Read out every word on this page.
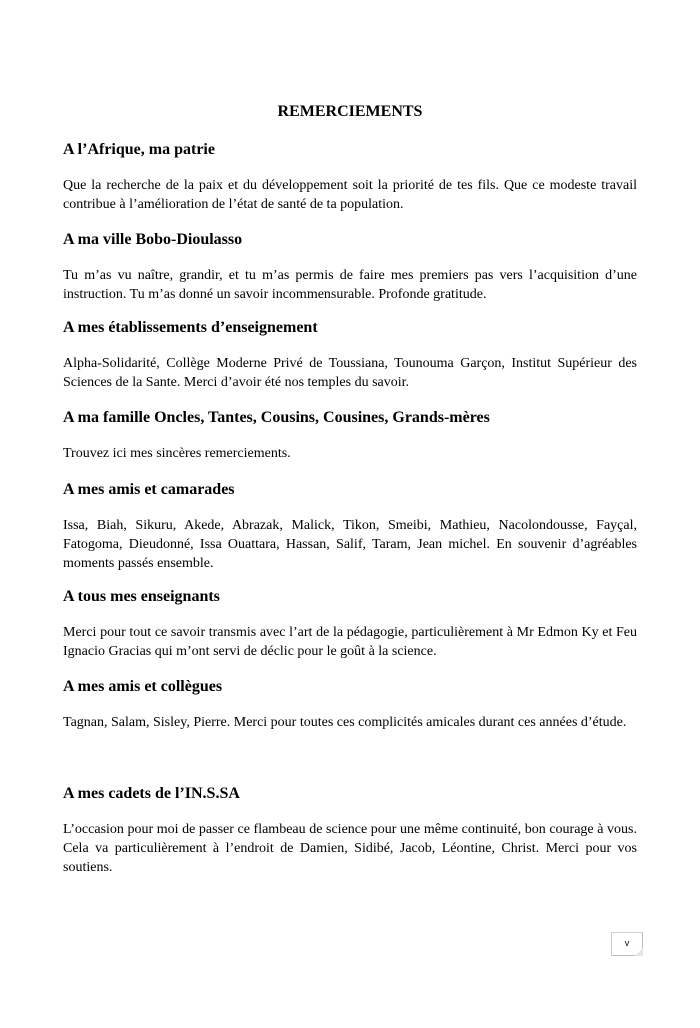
REMERCIEMENTS
A l’Afrique, ma patrie

Que la recherche de la paix et du développement soit la priorité de tes fils. Que ce modeste travail contribue à l’amélioration de l’état de santé de ta population.

A ma ville Bobo-Dioulasso

Tu m’as vu naître, grandir, et tu m’as permis de faire mes premiers pas vers l’acquisition d’une instruction. Tu m’as donné un savoir incommensurable. Profonde gratitude.

A mes établissements d’enseignement

Alpha-Solidarité, Collège Moderne Privé de Toussiana, Tounouma Garçon, Institut Supérieur des Sciences de la Sante. Merci d’avoir été nos temples du savoir.

A ma famille Oncles, Tantes, Cousins, Cousines, Grands-mères

Trouvez ici mes sincères remerciements.

A mes amis et camarades

Issa, Biah, Sikuru, Akede, Abrazak, Malick, Tikon, Smeibi, Mathieu, Nacolondousse, Fayçal, Fatogoma, Dieudonné, Issa Ouattara, Hassan, Salif, Taram, Jean michel. En souvenir d’agréables moments passés ensemble.

A tous mes enseignants

Merci pour tout ce savoir transmis avec l’art de la pédagogie, particulièrement à Mr Edmon Ky et Feu Ignacio Gracias qui m’ont servi de déclic pour le goût à la science.

A mes amis et collègues

Tagnan, Salam, Sisley, Pierre. Merci pour toutes ces complicités amicales durant ces années d’étude.

A mes cadets de l’IN.S.SA

L’occasion pour moi de passer ce flambeau de science pour une même continuité, bon courage à vous. Cela va particulièrement à l’endroit de Damien, Sidibé, Jacob, Léontine, Christ. Merci pour vos soutiens.

v
